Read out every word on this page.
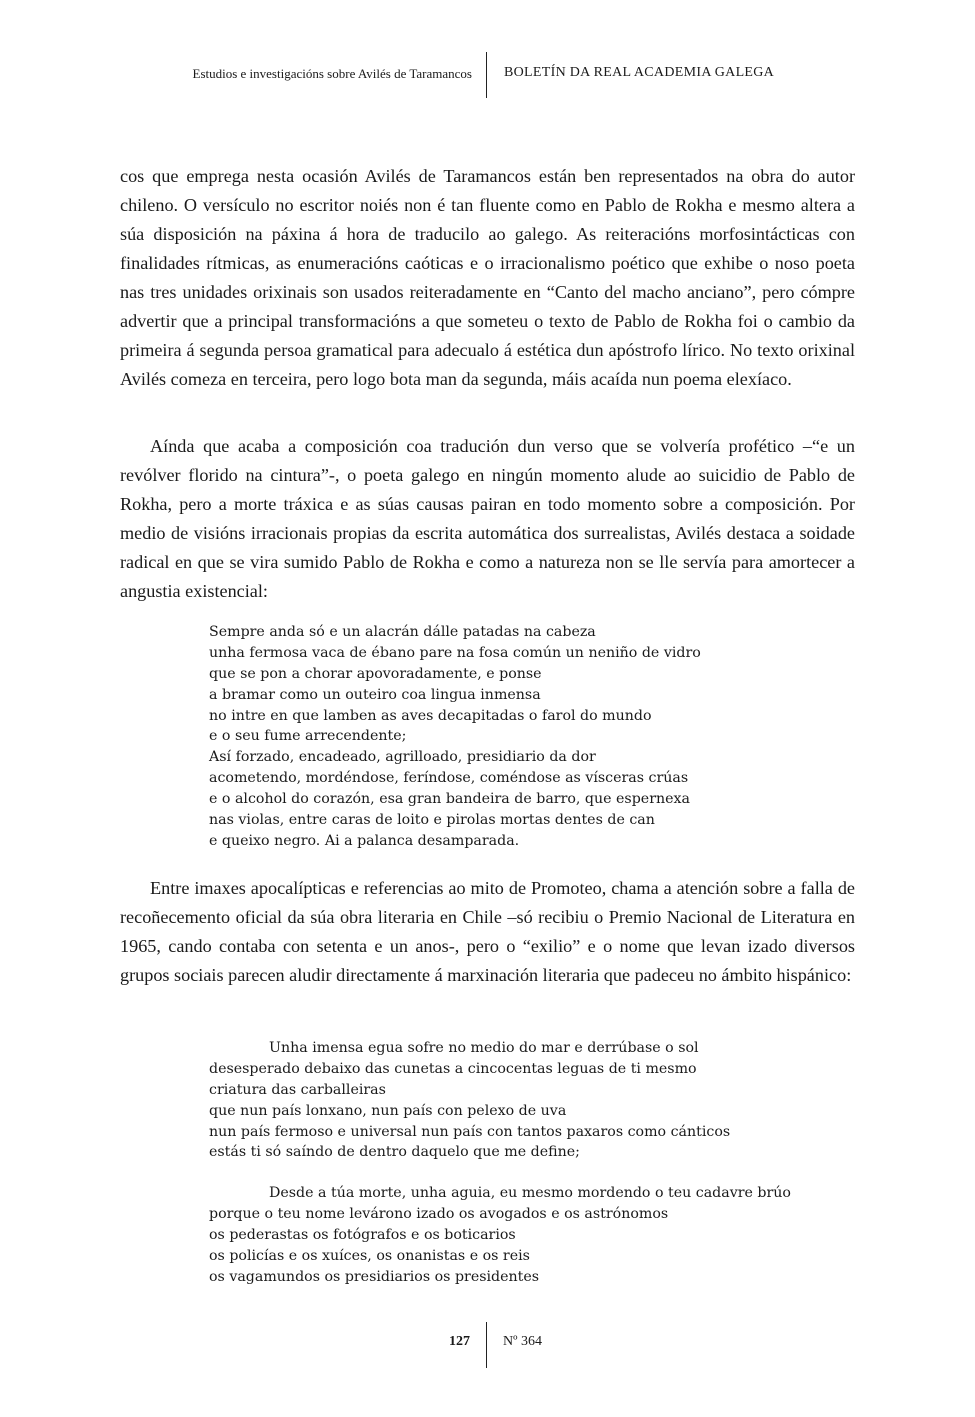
Estudios e investigacións sobre Avilés de Taramancos BOLETÍN DA REAL ACADEMIA GALEGA

cos que emprega nesta ocasión Avilés de Taramancos están ben representados na obra do autor chileno. O versículo no escritor noiés non é tan fluente como en Pablo de Rokha e mesmo altera a súa disposición na páxina á hora de traducilo ao galego. As reiteracións morfosintácticas con finalidades rítmicas, as enumeracións caóticas e o irracionalismo poético que exhibe o noso poeta nas tres unidades orixinais son usados reiteradamente en “Canto del macho anciano”, pero cómpre advertir que a principal transformacións a que someteu o texto de Pablo de Rokha foi o cambio da primeira á segunda persoa gramatical para adecualo á estética dun apóstrofo lírico. No texto orixinal Avilés comeza en terceira, pero logo bota man da segunda, máis acaída nun poema elexíaco.

Aínda que acaba a composición coa tradución dun verso que se volvería profético –“e un revólver florido na cintura”-, o poeta galego en ningún momento alude ao suicidio de Pablo de Rokha, pero a morte tráxica e as súas causas pairan en todo momento sobre a composición. Por medio de visións irracionais propias da escrita automática dos surrealistas, Avilés destaca a soidade radical en que se vira sumido Pablo de Rokha e como a natureza non se lle servía para amortecer a angustia existencial:

Sempre anda só e un alacrán dálle patadas na cabeza
unha fermosa vaca de ébano pare na fosa común un neniño de vidro
que se pon a chorar apovoradamente, e ponse
a bramar como un outeiro coa lingua inmensa
no intre en que lamben as aves decapitadas o farol do mundo
e o seu fume arrecendente;
Así forzado, encadeado, agrilloado, presidiario da dor
acometendo, mordéndose, feríndose, coméndose as vísceras crúas
e o alcohol do corazón, esa gran bandeira de barro, que espernexa
nas violas, entre caras de loito e pirolas mortas dentes de can
e queixo negro. Ai a palanca desamparada.

Entre imaxes apocalípticas e referencias ao mito de Promoteo, chama a atención sobre a falla de recoñecemento oficial da súa obra literaria en Chile –só recibiu o Premio Nacional de Literatura en 1965, cando contaba con setenta e un anos-, pero o “exilio” e o nome que levan izado diversos grupos sociais parecen aludir directamente á marxinación literaria que padeceu no ámbito hispánico:

Unha imensa egua sofre no medio do mar e derrúbase o sol
desesperado debaixo das cunetas a cincocentas leguas de ti mesmo
criatura das carballeiras
que nun país lonxano, nun país con pelexo de uva
nun país fermoso e universal nun país con tantos paxaros como cánticos
estás ti só saíndo de dentro daquelo que me define;
Desde a túa morte, unha aguia, eu mesmo mordendo o teu cadavre brúo
porque o teu nome levárono izado os avogados e os astrónomos
os pederastas os fotógrafos e os boticarios
os policías e os xuíces, os onanistas e os reis
os vagamundos os presidiarios os presidentes
127 Nº 364
